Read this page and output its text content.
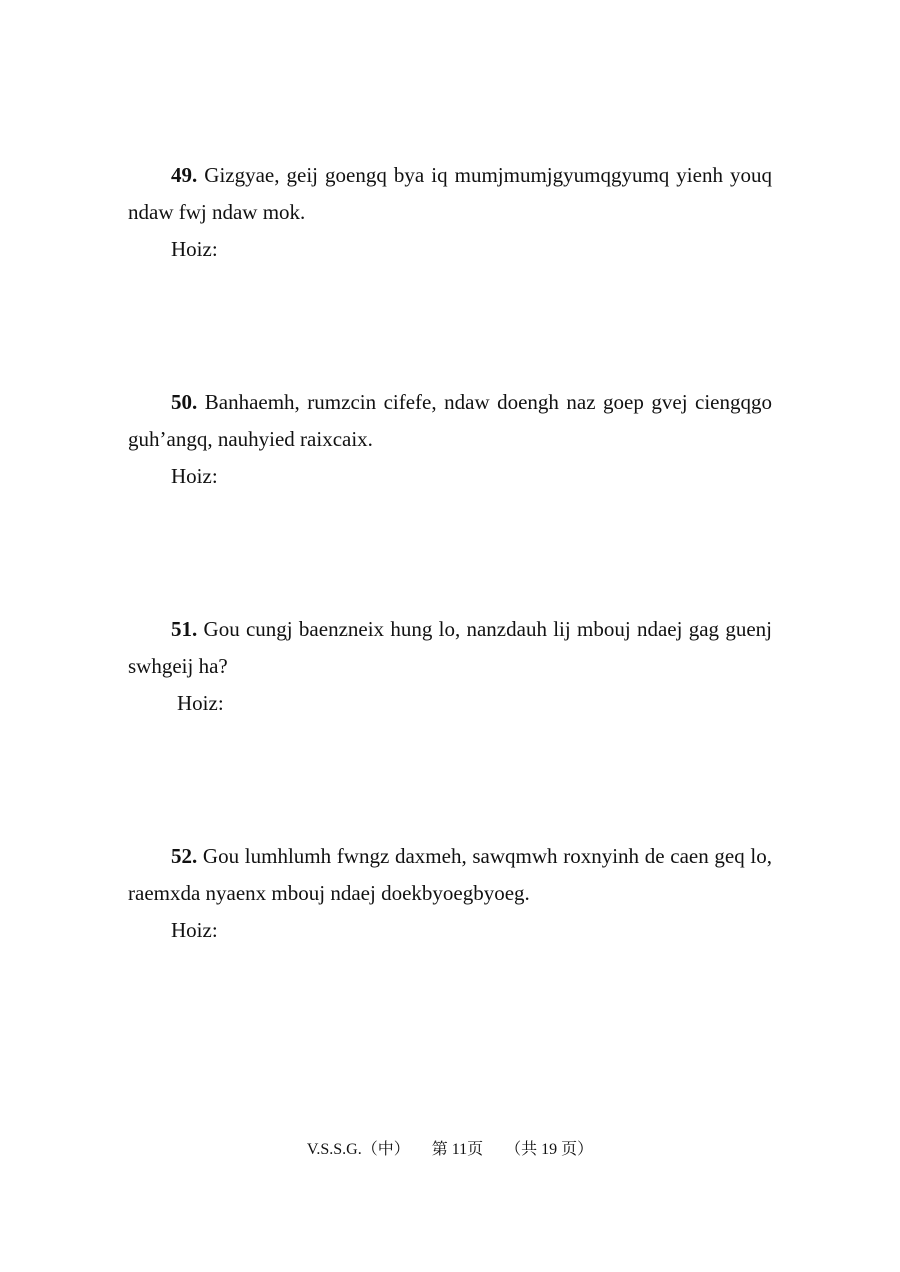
49. Gizgyae, geij goengq bya iq mumjmumjgyumqgyumq yienh youq ndaw fwj ndaw mok.

Hoiz:

50. Banhaemh, rumzcin cifefe, ndaw doengh naz goep gvej ciengqgo guh’angq, nauhyied raixcaix.

Hoiz:

51. Gou cungj baenzneix hung lo, nanzdauh lij mbouj ndaej gag guenj swhgeij ha?

Hoiz:

52. Gou lumhlumh fwngz daxmeh, sawqmwh roxnyinh de caen geq lo, raemxda nyaenx mbouj ndaej doekbyoegbyoeg.

Hoiz:

V.S.S.G.（中） 第 11页 （共 19 页）
